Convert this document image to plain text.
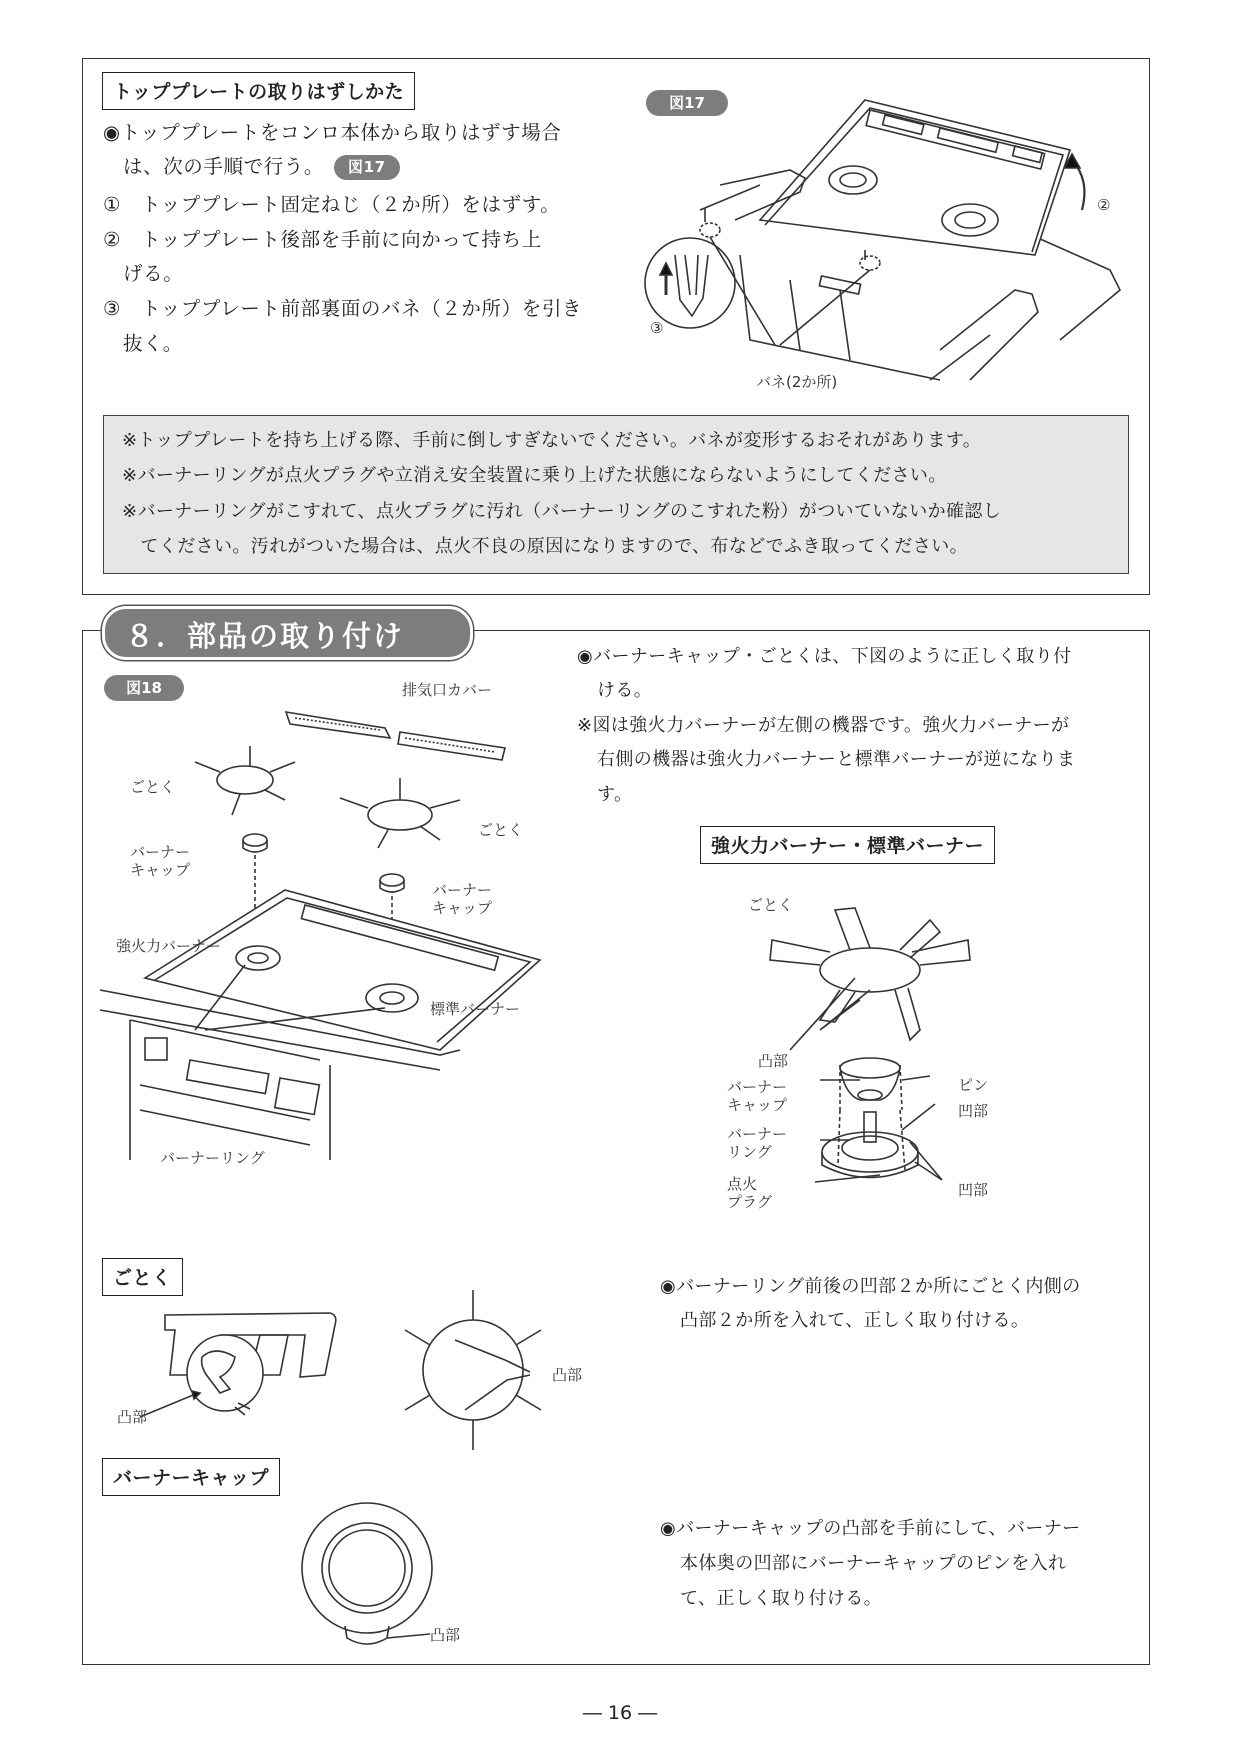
トッププレートの取りはずしかた
◉トッププレートをコンロ本体から取りはずす場合
は、次の手順で行う。 図17
①　トッププレート固定ねじ（２か所）をはずす。
②　トッププレート後部を手前に向かって持ち上
げる。
③　トッププレート前部裏面のバネ（２か所）を引き
抜く。
図17
②
③
バネ(2か所)
※トッププレートを持ち上げる際、手前に倒しすぎないでください。バネが変形するおそれがあります。
※バーナーリングが点火プラグや立消え安全装置に乗り上げた状態にならないようにしてください。
※バーナーリングがこすれて、点火プラグに汚れ（バーナーリングのこすれた粉）がついていないか確認し
　てください。汚れがついた場合は、点火不良の原因になりますので、布などでふき取ってください。
８．部品の取り付け
図18	排気口カバー
ごとく
ごとく
バーナー
キャップ
バーナー
キャップ
強火力バーナー
標準バーナー
バーナーリング
◉バーナーキャップ・ごとくは、下図のように正しく取り付
ける。
※図は強火力バーナーが左側の機器です。強火力バーナーが
右側の機器は強火力バーナーと標準バーナーが逆になりま
す。
強火力バーナー・標準バーナー
ごとく
凸部
バーナー
キャップ
ピン
凹部
バーナー
リング
点火
プラグ
凹部
ごとく
凸部
凸部
◉バーナーリング前後の凹部２か所にごとく内側の
凸部２か所を入れて、正しく取り付ける。
バーナーキャップ
凸部
◉バーナーキャップの凸部を手前にして、バーナー
本体奥の凹部にバーナーキャップのピンを入れ
て、正しく取り付ける。
― 16 ―
